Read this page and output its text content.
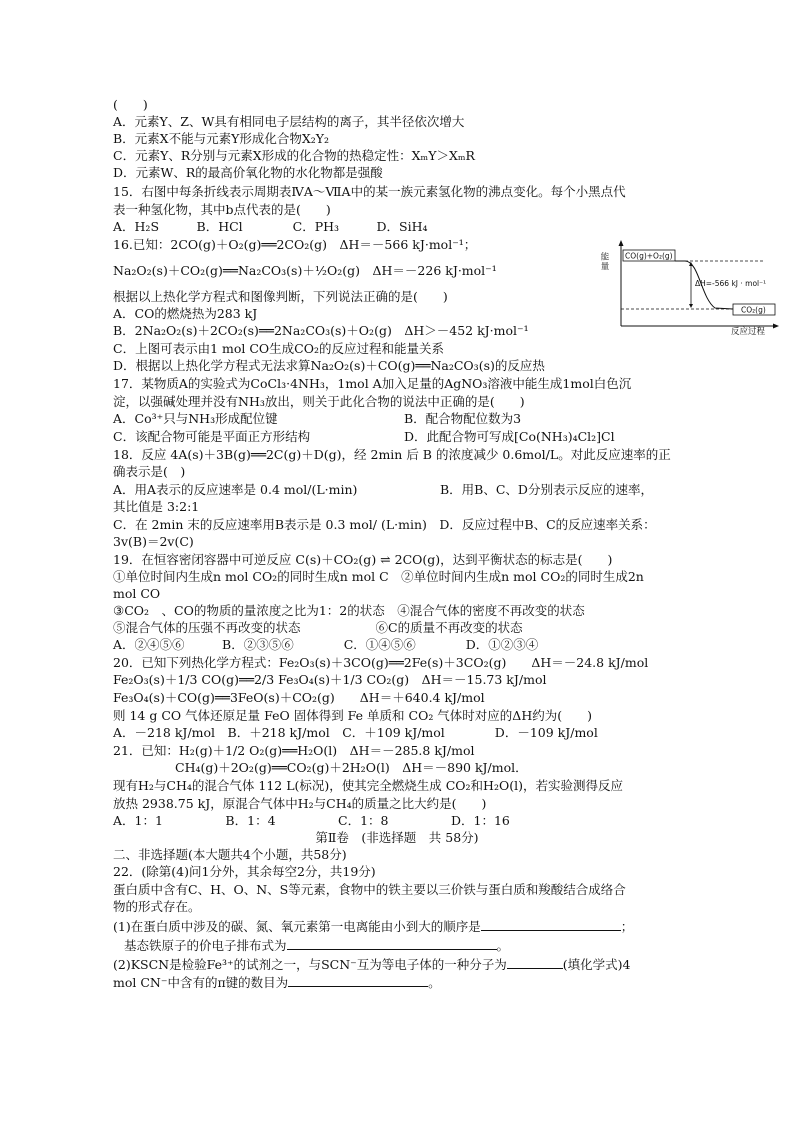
(　　)
A．元素Y、Z、W具有相同电子层结构的离子，其半径依次增大
B．元素X不能与元素Y形成化合物X₂Y₂
C．元素Y、R分别与元素X形成的化合物的热稳定性：XₘY＞XₘR
D．元素W、R的最高价氧化物的水化物都是强酸
15．右图中每条折线表示周期表ⅣA～ⅦA中的某一族元素氢化物的沸点变化。每个小黑点代
表一种氢化物，其中b点代表的是(　　)
A．H₂S　　　B．HCl　　　　C．PH₃　　　D．SiH₄
16.已知：2CO(g)＋O₂(g)══2CO₂(g)　ΔH＝－566 kJ·mol⁻¹；
Na₂O₂(s)＋CO₂(g)══Na₂CO₃(s)＋½O₂(g)　ΔH＝－226 kJ·mol⁻¹
根据以上热化学方程式和图像判断，下列说法正确的是(　　)
A．CO的燃烧热为283 kJ
B．2Na₂O₂(s)＋2CO₂(s)══2Na₂CO₃(s)＋O₂(g)　ΔH＞－452 kJ·mol⁻¹
C．上图可表示由1 mol CO生成CO₂的反应过程和能量关系
D．根据以上热化学方程式无法求算Na₂O₂(s)＋CO(g)══Na₂CO₃(s)的反应热
能量 CO(g)+O₂(g)
ΔH=-566 kJ · mol⁻¹
CO₂(g)
反应过程
17．某物质A的实验式为CoCl₃·4NH₃，1mol A加入足量的AgNO₃溶液中能生成1mol白色沉
淀，以强碱处理并没有NH₃放出，则关于此化合物的说法中正确的是(　　)
A．Co³⁺只与NH₃形成配位键	B．配合物配位数为3
C．该配合物可能是平面正方形结构	D．此配合物可写成[Co(NH₃)₄Cl₂]Cl
18．反应 4A(s)＋3B(g)══2C(g)＋D(g)，经 2min 后 B 的浓度减少 0.6mol/L。对此反应速率的正
确表示是(　)
A．用A表示的反应速率是 0.4 mol/(L·min)	B．用B、C、D分别表示反应的速率，
其比值是 3:2:1
C．在 2min 末的反应速率用B表示是 0.3 mol/ (L·min)　D．反应过程中B、C的反应速率关系：
3v(B)＝2v(C)
19．在恒容密闭容器中可逆反应 C(s)＋CO₂(g) ⇌ 2CO(g)，达到平衡状态的标志是(　　)
①单位时间内生成n mol CO₂的同时生成n mol C　②单位时间内生成n mol CO₂的同时生成2n
mol CO
③CO₂　、CO的物质的量浓度之比为1：2的状态　④混合气体的密度不再改变的状态
⑤混合气体的压强不再改变的状态　　　　　　⑥C的质量不再改变的状态
A．②④⑤⑥　　　B．②③⑤⑥　　　　C．①④⑤⑥　　　　D．①②③④
20．已知下列热化学方程式：Fe₂O₃(s)＋3CO(g)══2Fe(s)＋3CO₂(g)　　ΔH＝－24.8 kJ/mol
Fe₂O₃(s)＋1/3 CO(g)══2/3 Fe₃O₄(s)＋1/3 CO₂(g)　ΔH＝－15.73 kJ/mol
Fe₃O₄(s)＋CO(g)══3FeO(s)＋CO₂(g)　　ΔH＝＋640.4 kJ/mol
则 14 g CO 气体还原足量 FeO 固体得到 Fe 单质和 CO₂ 气体时对应的ΔH约为(　　)
A．－218 kJ/mol　B．＋218 kJ/mol　C．＋109 kJ/mol　　　　D．－109 kJ/mol
21．已知：H₂(g)＋1/2 O₂(g)══H₂O(l)　ΔH＝－285.8 kJ/mol
CH₄(g)＋2O₂(g)══CO₂(g)＋2H₂O(l)　ΔH＝－890 kJ/mol．
现有H₂与CH₄的混合气体 112 L(标况)，使其完全燃烧生成 CO₂和H₂O(l)，若实验测得反应
放热 2938.75 kJ，原混合气体中H₂与CH₄的质量之比大约是(　　)
A．1：1　　　　　B．1：4　　　　　C．1：8　　　　　D．1：16
第Ⅱ卷　(非选择题　共 58分)
二、非选择题(本大题共4个小题，共58分)
22．(除第(4)问1分外，其余每空2分，共19分)
蛋白质中含有C、H、O、N、S等元素，食物中的铁主要以三价铁与蛋白质和羧酸结合成络合
物的形式存在。
(1)在蛋白质中涉及的碳、氮、氧元素第一电离能由小到大的顺序是	；
基态铁原子的价电子排布式为	。
(2)KSCN是检验Fe³⁺的试剂之一，与SCN⁻互为等电子体的一种分子为	(填化学式)4
mol CN⁻中含有的π键的数目为	。
